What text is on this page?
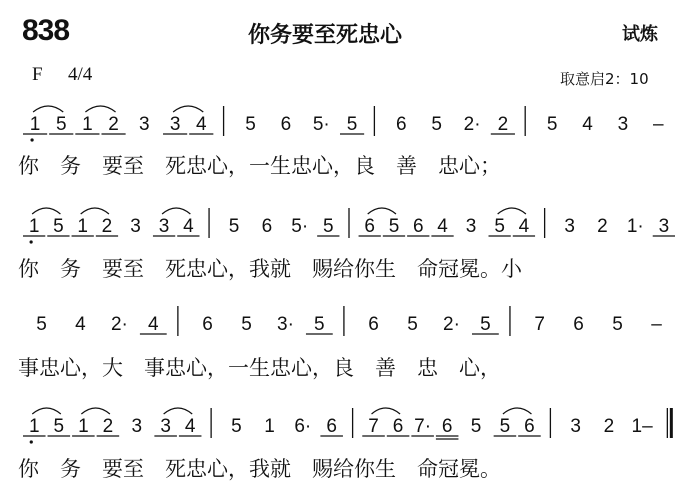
838	你务要至死忠心	试炼
F 4/4	取意启2：10
1 5 1 2 3 3 4 5 6 5· 5 6 5 2· 2 5 4 3 –
1 5 1 2 3 3 4 5 6 5· 5 6 5 6 4 3 5 4 3 2 1· 3
5 4 2· 4 6 5 3· 5 6 5 2· 5 7 6 5 –
1 5 1 2 3 3 4 5 1 6· 6 7 6 7· 6 5 5 6 3 2 1–
你　务　要至　死忠心，一生忠心，良　善　忠心；
你　务　要至　死忠心，我就　赐给你生　命冠冕。小
事忠心，大　事忠心，一生忠心，良　善　忠　心，
你　务　要至　死忠心，我就　赐给你生　命冠冕。
